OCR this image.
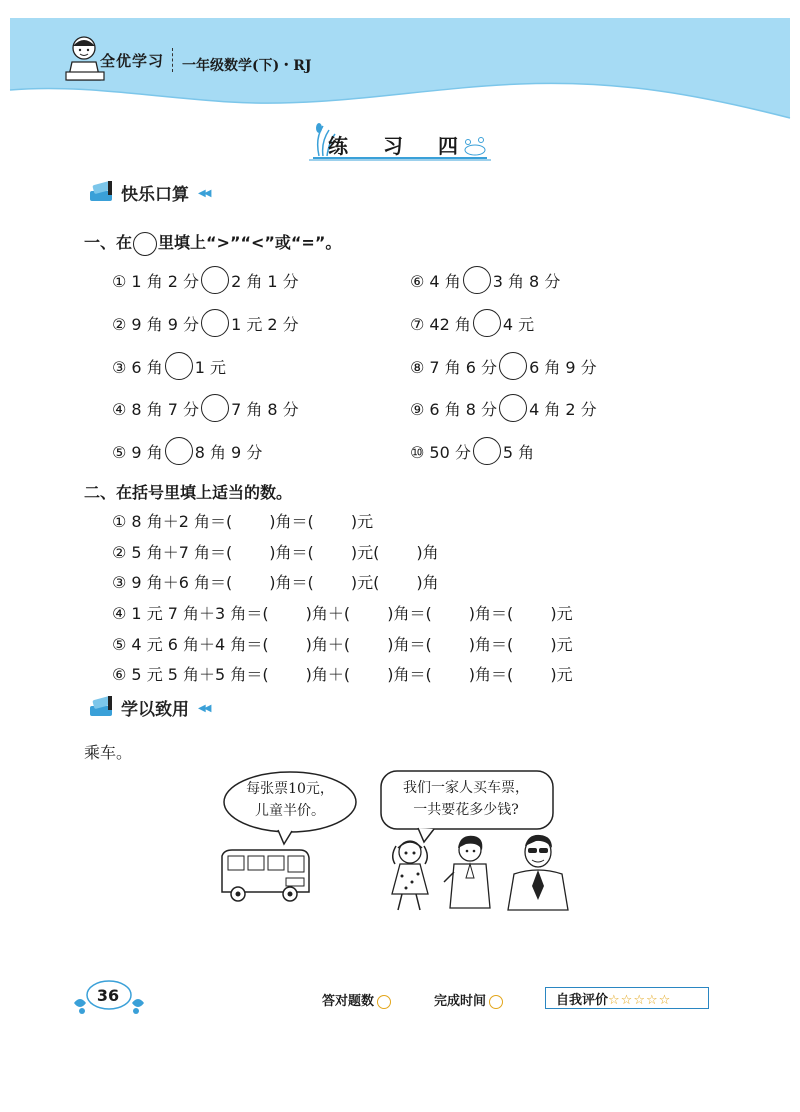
全优学习 一年级数学(下)・RJ
练 习 四
快乐口算 ◀◀
一、在 里填上“>”“<”或“=”。
① 1 角 2 分 2 角 1 分	⑥ 4 角 3 角 8 分
② 9 角 9 分 1 元 2 分	⑦ 42 角 4 元
③ 6 角 1 元	⑧ 7 角 6 分 6 角 9 分
④ 8 角 7 分 7 角 8 分	⑨ 6 角 8 分 4 角 2 分
⑤ 9 角 8 角 9 分	⑩ 50 分 5 角
二、在括号里填上适当的数。
① 8 角＋2 角＝(　　 )角＝(　　 )元
② 5 角＋7 角＝(　　 )角＝(　　 )元(　　 )角
③ 9 角＋6 角＝(　　 )角＝(　　 )元(　　 )角
④ 1 元 7 角＋3 角＝(　　 )角＋(　　 )角＝(　　 )角＝(　　 )元
⑤ 4 元 6 角＋4 角＝(　　 )角＋(　　 )角＝(　　 )角＝(　　 )元
⑥ 5 元 5 角＋5 角＝(　　 )角＋(　　 )角＝(　　 )角＝(　　 )元
学以致用 ◀◀
乘车。
每张票10元，
儿童半价。
我们一家人买车票，
一共要花多少钱?
36	答对题数	完成时间	自我评价☆☆☆☆☆
